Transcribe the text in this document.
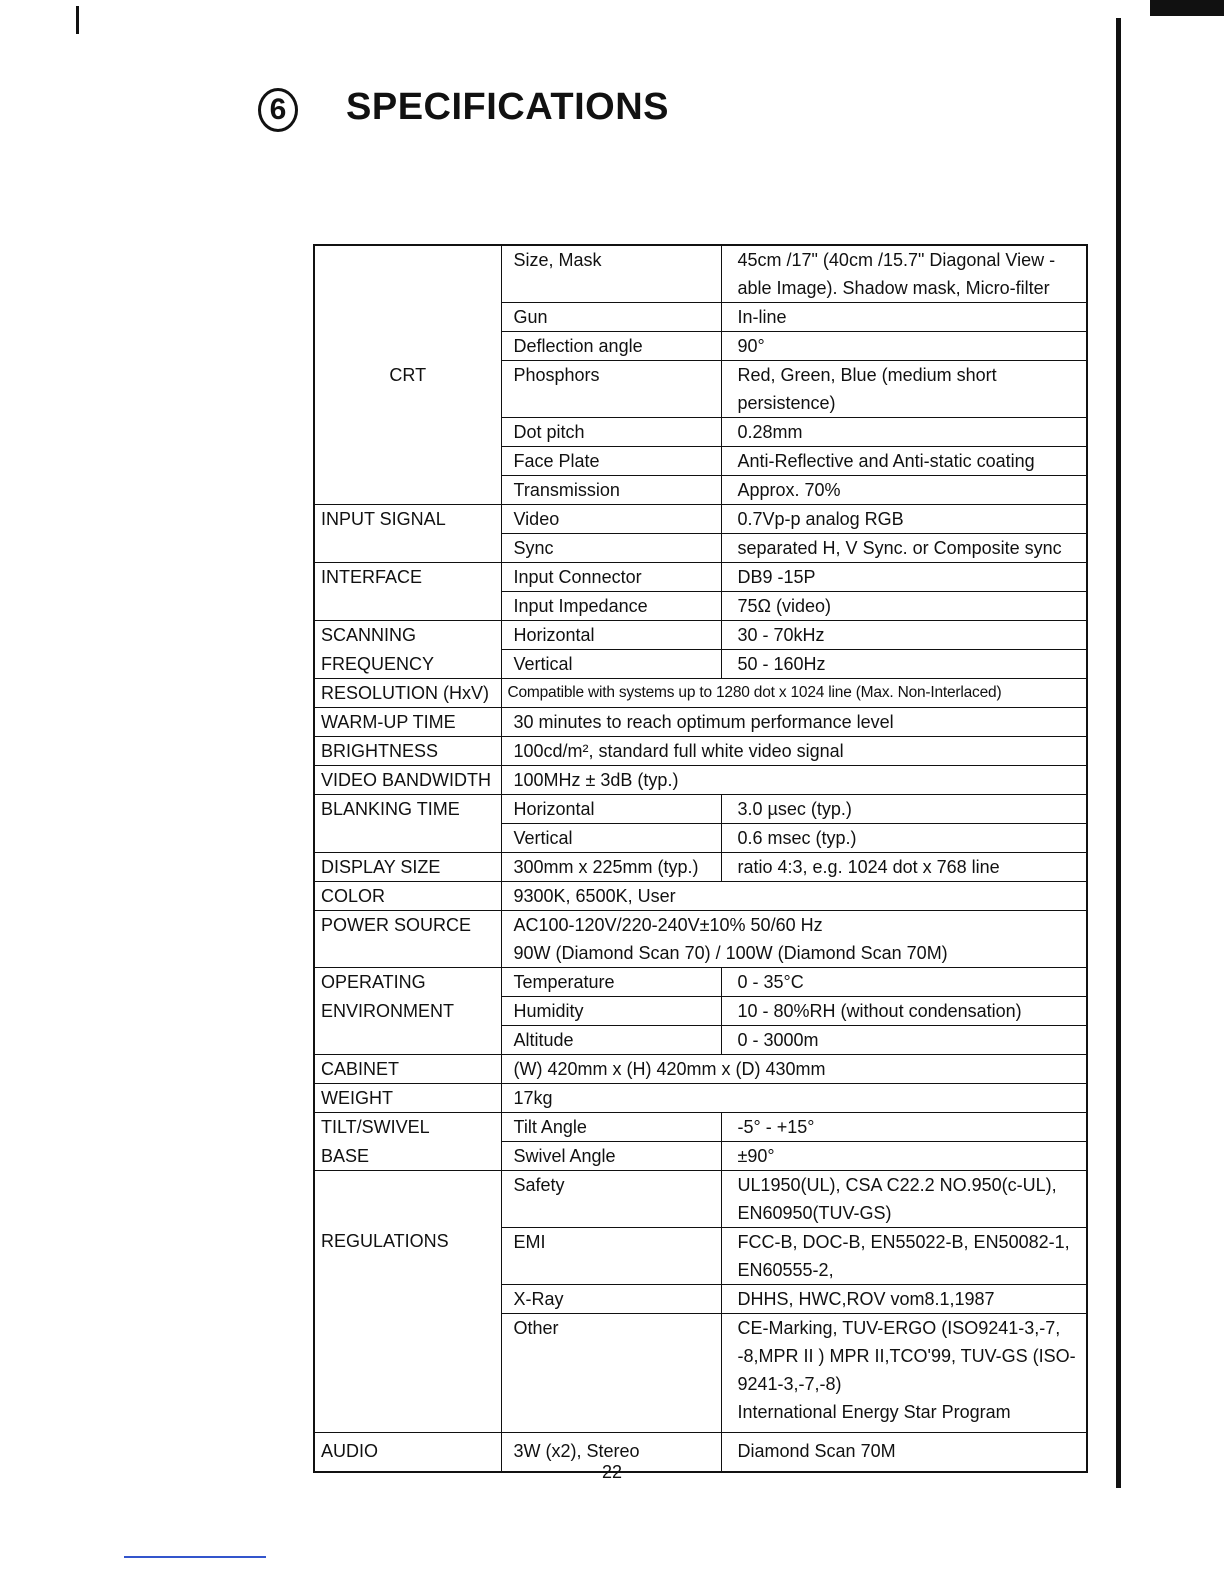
6	SPECIFICATIONS
CRT	Size, Mask	45cm /17" (40cm /15.7" Diagonal View - able Image). Shadow mask, Micro-filter

	Gun	In-line
	Deflection angle	90°
	Phosphors	Red, Green, Blue (medium short persistence)

	Dot pitch	0.28mm
	Face Plate	Anti-Reflective and Anti-static coating
	Transmission	Approx. 70%
INPUT SIGNAL	Video	0.7Vp-p analog RGB
	Sync	separated H, V Sync. or Composite sync
INTERFACE	Input Connector	DB9 -15P
	Input Impedance	75Ω (video)
SCANNING	Horizontal	30 - 70kHz
FREQUENCY	Vertical	50 - 160Hz
RESOLUTION (HxV)	Compatible with systems up to 1280 dot x 1024 line (Max. Non-Interlaced)	
WARM-UP TIME	30 minutes to reach optimum performance level	
BRIGHTNESS	100cd/m², standard full white video signal	
VIDEO BANDWIDTH	100MHz ± 3dB (typ.)	
BLANKING TIME	Horizontal	3.0 µsec (typ.)
	Vertical	0.6 msec (typ.)
DISPLAY SIZE	300mm x 225mm (typ.)	ratio 4:3, e.g. 1024 dot x 768 line
COLOR	9300K, 6500K, User	
POWER SOURCE	AC100-120V/220-240V±10% 50/60 Hz	
	90W (Diamond Scan 70) / 100W (Diamond Scan 70M)	
OPERATING	Temperature	0 - 35°C
ENVIRONMENT	Humidity	10 - 80%RH (without condensation)
	Altitude	0 - 3000m
CABINET	(W) 420mm x (H) 420mm x (D) 430mm	
WEIGHT	17kg	
TILT/SWIVEL	Tilt Angle	-5° - +15°
BASE	Swivel Angle	±90°
REGULATIONS	Safety	UL1950(UL), CSA C22.2 NO.950(c-UL), EN60950(TUV-GS)

	EMI	FCC-B, DOC-B, EN55022-B, EN50082-1, EN60555-2,

	X-Ray	DHHS, HWC,ROV vom8.1,1987
	Other	CE-Marking, TUV-ERGO (ISO9241-3,-7, -8,MPR II ) MPR II,TCO'99, TUV-GS (ISO-9241-3,-7,-8)
International Energy Star Program

AUDIO	3W (x2), Stereo	Diamond Scan 70M
22
